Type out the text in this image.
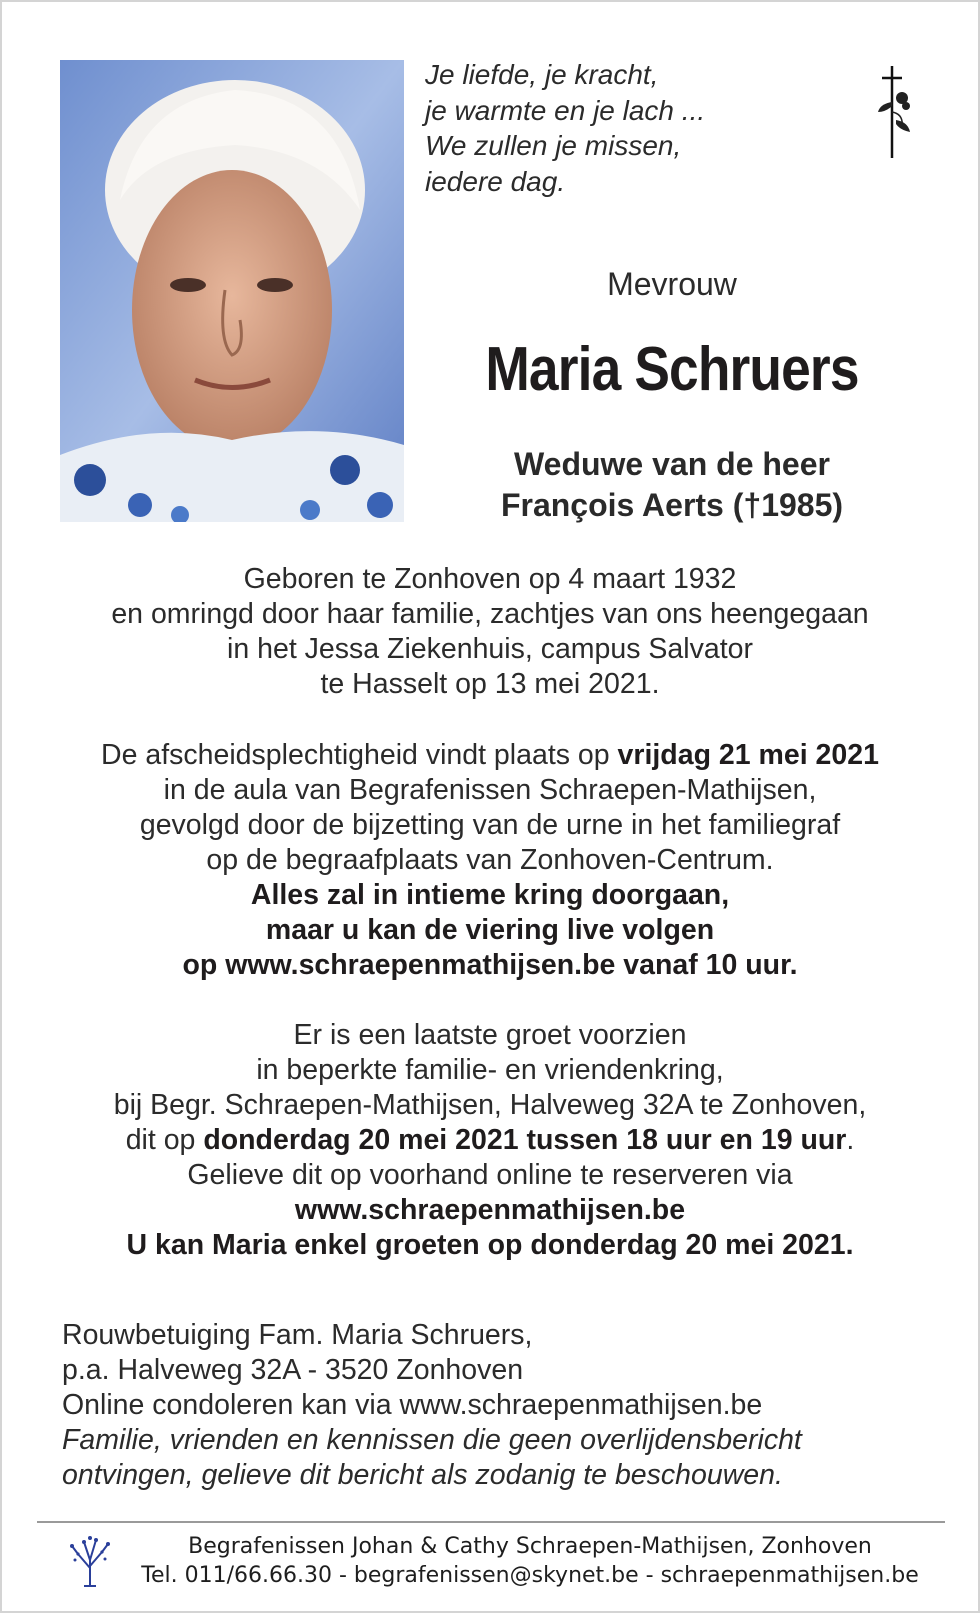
Je liefde, je kracht,
je warmte en je lach ...
We zullen je missen,
iedere dag.
Mevrouw
Maria Schruers
Weduwe van de heer
François Aerts (†1985)
Geboren te Zonhoven op 4 maart 1932
en omringd door haar familie, zachtjes van ons heengegaan
in het Jessa Ziekenhuis, campus Salvator
te Hasselt op 13 mei 2021.
De afscheidsplechtigheid vindt plaats op vrijdag 21 mei 2021
in de aula van Begrafenissen Schraepen-Mathijsen,
gevolgd door de bijzetting van de urne in het familiegraf
op de begraafplaats van Zonhoven-Centrum.
Alles zal in intieme kring doorgaan,
maar u kan de viering live volgen
op www.schraepenmathijsen.be vanaf 10 uur.
Er is een laatste groet voorzien
in beperkte familie- en vriendenkring,
bij Begr. Schraepen-Mathijsen, Halveweg 32A te Zonhoven,
dit op donderdag 20 mei 2021 tussen 18 uur en 19 uur.
Gelieve dit op voorhand online te reserveren via
www.schraepenmathijsen.be
U kan Maria enkel groeten op donderdag 20 mei 2021.
Rouwbetuiging Fam. Maria Schruers,
p.a. Halveweg 32A - 3520 Zonhoven
Online condoleren kan via www.schraepenmathijsen.be
Familie, vrienden en kennissen die geen overlijdensbericht
ontvingen, gelieve dit bericht als zodanig te beschouwen.
Begrafenissen Johan & Cathy Schraepen-Mathijsen, Zonhoven
Tel. 011/66.66.30 - begrafenissen@skynet.be - schraepenmathijsen.be
